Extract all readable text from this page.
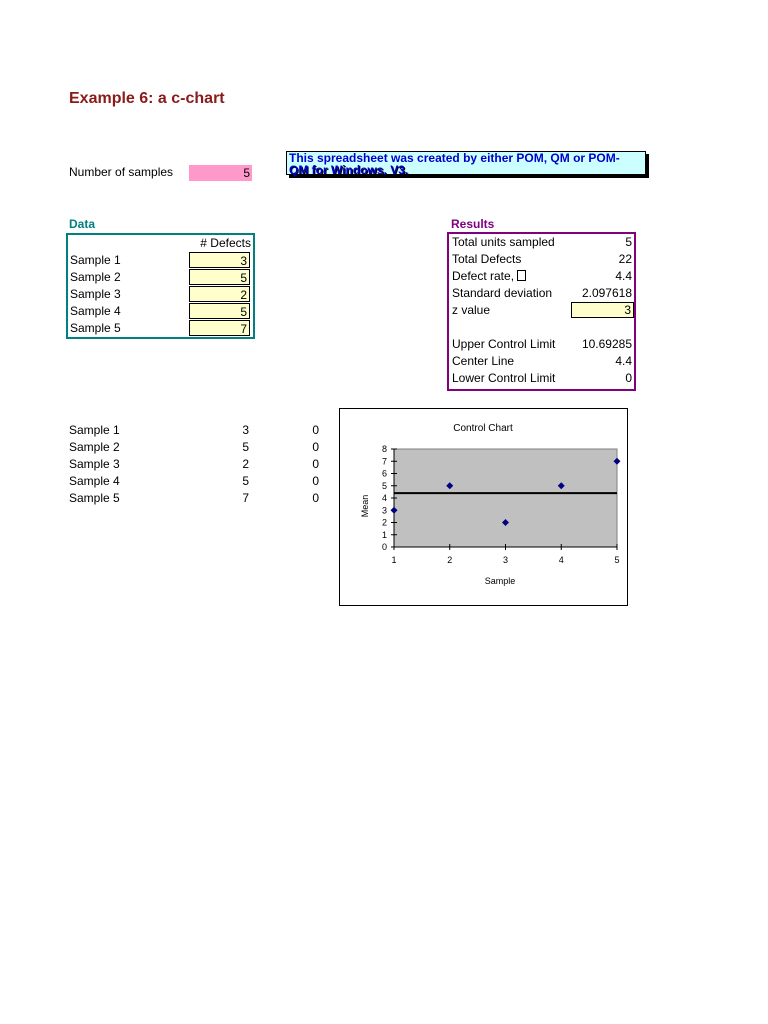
Example 6: a c-chart
Number of samples	5
This spreadsheet was created by either POM, QM or POM-
QM for Windows, V3.
Data	Results
# Defects
Sample 1	3
Sample 2	5
Sample 3	2
Sample 4	5
Sample 5	7
Total units sampled	5
Total Defects	22
Defect rate,	4.4
Standard deviation 2.097618
z value	3
Upper Control Limit 10.69285
Center Line	4.4
Lower Control Limit	0
Sample 1	3	0
Sample 2	5	0
Sample 3	2	0
Sample 4	5	0
Sample 5	7	0
Control Chart
Sample
Mean
0
1
2
3
4
5
6
7
8
1	2	3	4	5
